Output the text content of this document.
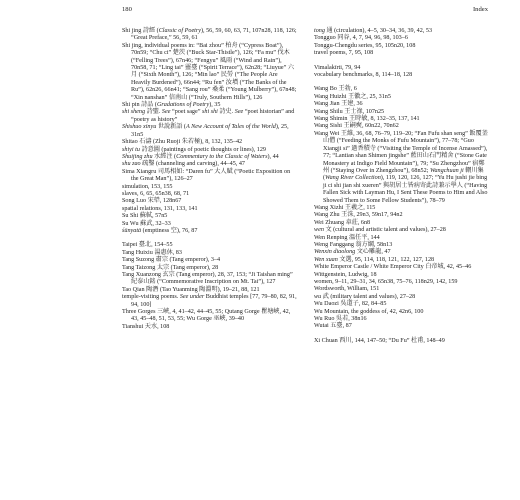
180	Index

Shi jing 詩經 (Classic of Poetry), 56, 59, 60, 63, 71, 107n28, 118, 126; “Great Preface,” 56, 59, 61

Shi jing, individual poems in: “Bai zhou” 柏舟 (“Cypress Boat”), 70n59; “Chu ci” 楚茨 (“Buck Star-Thistle”), 126; “Fa mu” 伐木 (“Felling Trees”), 67n46; “Fengyu” 風雨 (“Wind and Rain”), 70n58, 71; “Ling tai” 靈臺 (“Spirit Terrace”), 62n28; “Liuyue” 六月 (“Sixth Month”), 126; “Min lao” 民勞 (“The People Are Heavily Burdened”), 66n44; “Ru fen” 汝墳 (“The Banks of the Ru”), 62n26, 66n41; “Sang rou” 桑柔 (“Young Mulberry”), 67n48; “Xin nanshan” 信南山 (“Truly, Southern Hills”), 126

Shi pin 詩品 (Gradations of Poetry), 35

shi sheng 詩聖. See “poet sage” shi shi 詩史. See “poet historian” and “poetry as history”

Shishuo xinyu 世說新語 (A New Account of Tales of the World), 25, 31n5

Shitao 石濤 (Zhu Ruoji 朱若極), 8, 132, 135–42

shiyi tu 詩意圖 (paintings of poetic thoughts or lines), 129

Shuijing zhu 水經注 (Commentary to the Classic of Waters), 44

shu zao 疏鑿 (channeling and carving), 44–45, 47

Sima Xiangru 司馬相如: “Daren fu” 大人賦 (“Poetic Exposition on the Great Man”), 126–27

simulation, 153, 155

slaves, 6, 65, 65n38, 68, 71

Song Luo 宋犖, 128n67

spatial relations, 131, 133, 141

Su Shi 蘇軾, 57n5

Su Wu 蘇武, 32–33

śūnyatā (emptiness 空), 76, 87

Taipei 臺北, 154–55

Tang Huixiu 湯惠休, 83

Tang Suzong 肅宗 (Tang emperor), 3–4

Tang Taizong 太宗 (Tang emperor), 28

Tang Xuanzong 玄宗 (Tang emperor), 28, 37, 153; “Ji Taishan ming” 紀泰山銘 (“Commemorative Inscription on Mt. Tai”), 127

Tao Qian 陶潛 (Tao Yuanming 陶淵明), 19–21, 88, 121

temple-visiting poems. See under Buddhist temples [77, 79–80, 82, 91, 94, 100]

Three Gorges 三峽, 4, 41–42, 44–45, 55; Qutang Gorge 瞿塘峽, 42, 43, 45–48, 51, 53, 55; Wu Gorge 巫峽, 39–40

Tianshui 天水, 108

tong 通 (circulation), 4–5, 30–34, 36, 39, 42, 53

Tongguo 同谷, 4, 7, 94, 96, 98, 103–6

Tonggu-Chengdu series, 95, 105n20, 108

travel poems, 7, 95, 108

Vimalakīrti, 79, 94

vocabulary benchmarks, 8, 114–18, 128

Wang Bo 王勃, 6

Wang Huizhi 王徽之, 25, 31n5

Wang Jian 王建, 36

Wang Shilu 王士祿, 107n25

Wang Shimin 王時敏, 8, 132–35, 137, 141

Wang Sishi 王嗣奭, 60n22, 70n62

Wang Wei 王維, 36, 68, 76–79, 119–20; “Fan Fufu shan seng” 飯覆釜山僧 (“Feeding the Monks of Fufu Mountain”), 77–78; “Guo Xiangji si” 過香積寺 (“Visiting the Temple of Incense Amassed”), 77; “Lantian shan Shimen jingshe” 藍田山石門精舍 (“Stone Gate Monastery at Indigo Field Mountain”), 79; “Su Zhengzhou” 宿鄭州 (“Staying Over in Zhengzhou”), 68n52; Wangchuan ji 輞川集 (Wang River Collection), 119, 120, 126, 127; “Yu Hu jushi jie bing ji ci shi jian shi xueren” 與胡居士皆病寄此詩兼示學人 (“Having Fallen Sick with Layman Hu, I Sent These Poems to Him and Also Showed Them to Some Fellow Students”), 78–79

Wang Xizhi 王羲之, 115

Wang Zhu 王洙, 29n3, 59n17, 94n2

Wei Zhuang 韋莊, 6n8

wen 文 (cultural and artistic talent and values), 27–28

Wen Renping 溫任平, 144

Weng Fanggang 翁方綱, 58n13

Wenxin diaolong 文心雕龍, 47

Wen xuan 文選, 95, 114, 118, 121, 122, 127, 128

White Emperor Castle / White Emperor City 白帝城, 42, 45–46

Wittgenstein, Ludwig, 18

women, 9–11, 29–31, 34, 65n38, 75–76, 118n29, 142, 159

Wordsworth, William, 151

wu 武 (military talent and values), 27–28

Wu Daozi 吳道子, 82, 84–85

Wu Mountain, the goddess of, 42, 42n6, 100

Wu Ruo 吳若, 38n16

Wutai 五臺, 87

Xi Chuan 西川, 144, 147–50; “Du Fu” 杜甫, 148–49
